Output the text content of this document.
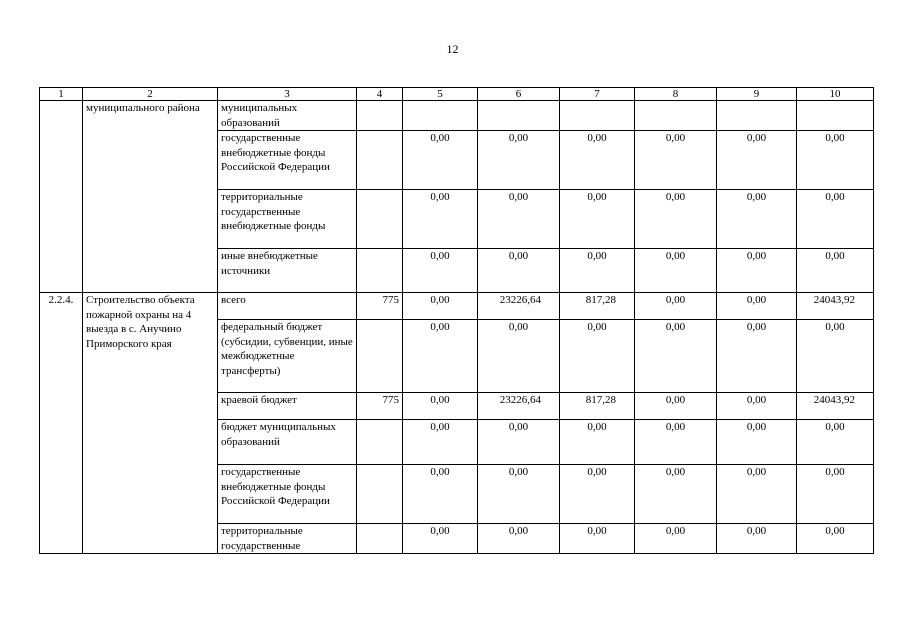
12
1	2	3	4	5	6	7	8	9	10
	муниципального района	муниципальных образований							
		государственные внебюджетные фонды Российской Федерации		0,00	0,00	0,00	0,00	0,00	0,00
		территориальные государственные внебюджетные фонды		0,00	0,00	0,00	0,00	0,00	0,00
		иные внебюджетные источники		0,00	0,00	0,00	0,00	0,00	0,00
2.2.4.	Строительство объекта пожарной охраны на 4 выезда в с. Анучино Приморского края	всего	775	0,00	23226,64	817,28	0,00	0,00	24043,92
		федеральный бюджет (субсидии, субвенции, иные межбюджетные трансферты)		0,00	0,00	0,00	0,00	0,00	0,00
		краевой бюджет	775	0,00	23226,64	817,28	0,00	0,00	24043,92
		бюджет муниципальных образований		0,00	0,00	0,00	0,00	0,00	0,00
		государственные внебюджетные фонды Российской Федерации		0,00	0,00	0,00	0,00	0,00	0,00
		территориальные государственные		0,00	0,00	0,00	0,00	0,00	0,00
